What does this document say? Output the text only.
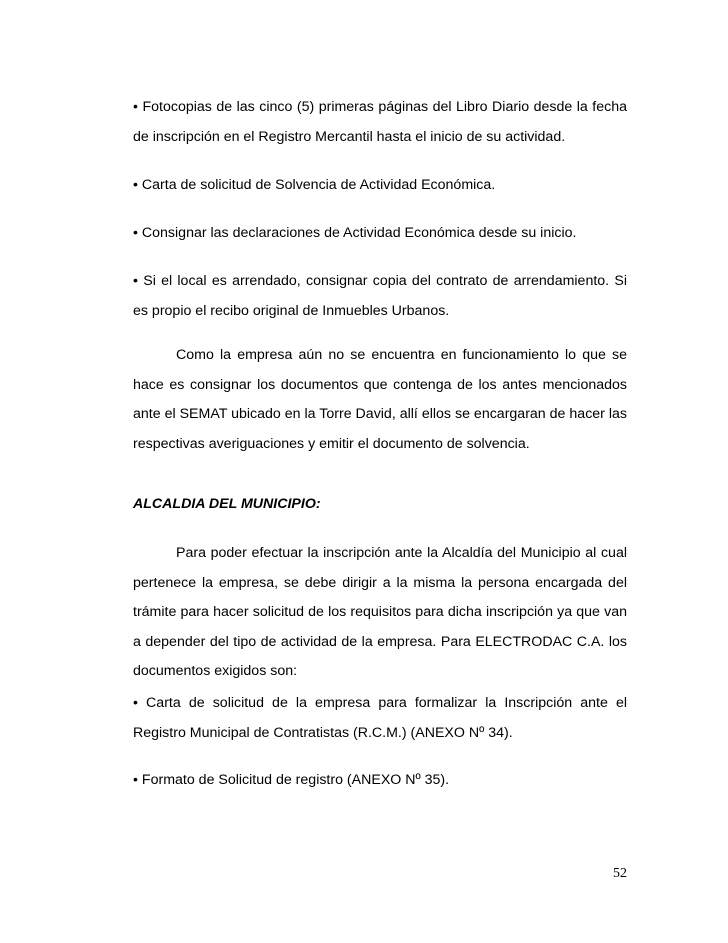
• Fotocopias de las cinco (5) primeras páginas del Libro Diario desde la fecha de inscripción en el Registro Mercantil hasta el inicio de su actividad.

• Carta de solicitud de Solvencia de Actividad Económica.

• Consignar las declaraciones de Actividad Económica desde su inicio.

• Si el local es arrendado, consignar copia del contrato de arrendamiento. Si es propio el recibo original de Inmuebles Urbanos.

Como la empresa aún no se encuentra en funcionamiento lo que se hace es consignar los documentos que contenga de los antes mencionados ante el SEMAT ubicado en la Torre David, allí ellos se encargaran de hacer las respectivas averiguaciones y emitir el documento de solvencia.

ALCALDIA DEL MUNICIPIO:

Para poder efectuar la inscripción ante la Alcaldía del Municipio al cual pertenece la empresa, se debe dirigir a la misma la persona encargada del trámite para hacer solicitud de los requisitos para dicha inscripción ya que van a depender del tipo de actividad de la empresa. Para ELECTRODAC C.A. los documentos exigidos son:

• Carta de solicitud de la empresa para formalizar la Inscripción ante el Registro Municipal de Contratistas (R.C.M.) (ANEXO Nº 34).

• Formato de Solicitud de registro (ANEXO Nº 35).

52
